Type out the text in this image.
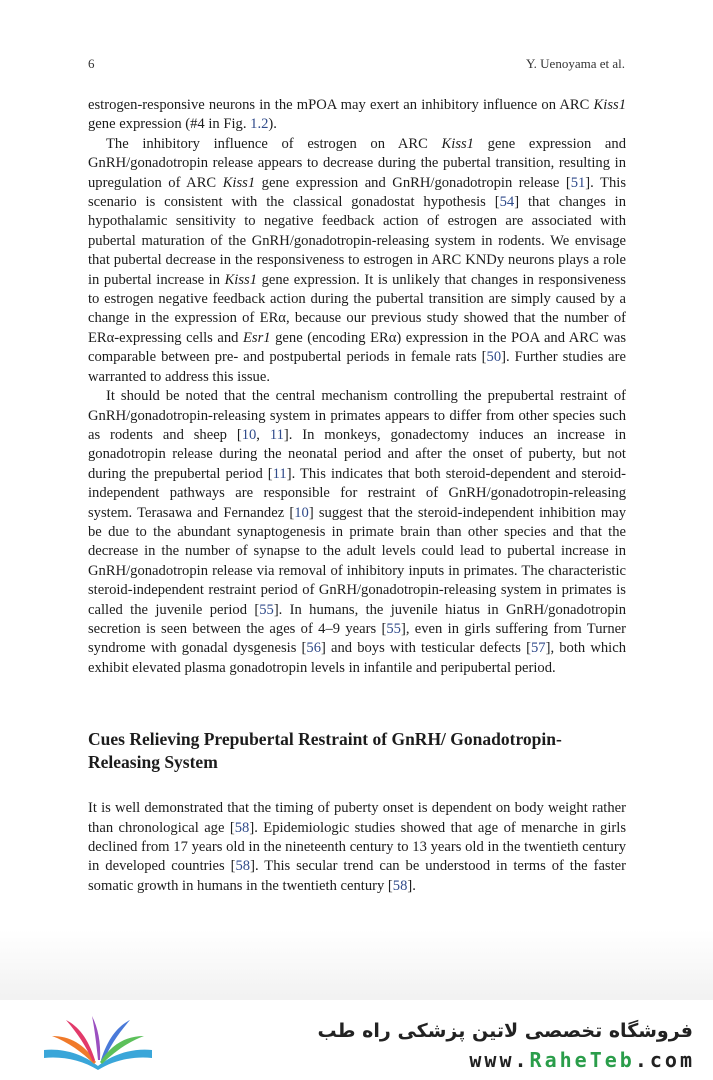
6	Y. Uenoyama et al.

estrogen-responsive neurons in the mPOA may exert an inhibitory influence on ARC Kiss1 gene expression (#4 in Fig. 1.2).

The inhibitory influence of estrogen on ARC Kiss1 gene expression and GnRH/gonadotropin release appears to decrease during the pubertal transition, resulting in upregulation of ARC Kiss1 gene expression and GnRH/gonadotropin release [51]. This scenario is consistent with the classical gonadostat hypothesis [54] that changes in hypothalamic sensitivity to negative feedback action of estrogen are associated with pubertal maturation of the GnRH/gonadotropin-releasing system in rodents. We envisage that pubertal decrease in the responsiveness to estrogen in ARC KNDy neurons plays a role in pubertal increase in Kiss1 gene expression. It is unlikely that changes in responsiveness to estrogen negative feedback action during the pubertal transition are simply caused by a change in the expression of ERα, because our previous study showed that the number of ERα-expressing cells and Esr1 gene (encoding ERα) expression in the POA and ARC was comparable between pre- and postpubertal periods in female rats [50]. Further studies are warranted to address this issue.

It should be noted that the central mechanism controlling the prepubertal restraint of GnRH/gonadotropin-releasing system in primates appears to differ from other species such as rodents and sheep [10, 11]. In monkeys, gonadectomy induces an increase in gonadotropin release during the neonatal period and after the onset of puberty, but not during the prepubertal period [11]. This indicates that both steroid-dependent and steroid-independent pathways are responsible for restraint of GnRH/gonadotropin-releasing system. Terasawa and Fernandez [10] suggest that the steroid-independent inhibition may be due to the abundant synaptogenesis in primate brain than other species and that the decrease in the number of synapse to the adult levels could lead to pubertal increase in GnRH/gonadotropin release via removal of inhibitory inputs in primates. The characteristic steroid-independent restraint period of GnRH/gonadotropin-releasing system in primates is called the juvenile period [55]. In humans, the juvenile hiatus in GnRH/gonadotropin secretion is seen between the ages of 4–9 years [55], even in girls suffering from Turner syndrome with gonadal dysgenesis [56] and boys with testicular defects [57], both which exhibit elevated plasma gonadotropin levels in infantile and peripubertal period.

Cues Relieving Prepubertal Restraint of GnRH/ Gonadotropin-Releasing System

It is well demonstrated that the timing of puberty onset is dependent on body weight rather than chronological age [58]. Epidemiologic studies showed that age of menarche in girls declined from 17 years old in the nineteenth century to 13 years old in the twentieth century in developed countries [58]. This secular trend can be understood in terms of the faster somatic growth in humans in the twentieth century [58].

فروشگاه تخصصی لاتین پزشکی راه طب
www.RaheTeb.com
